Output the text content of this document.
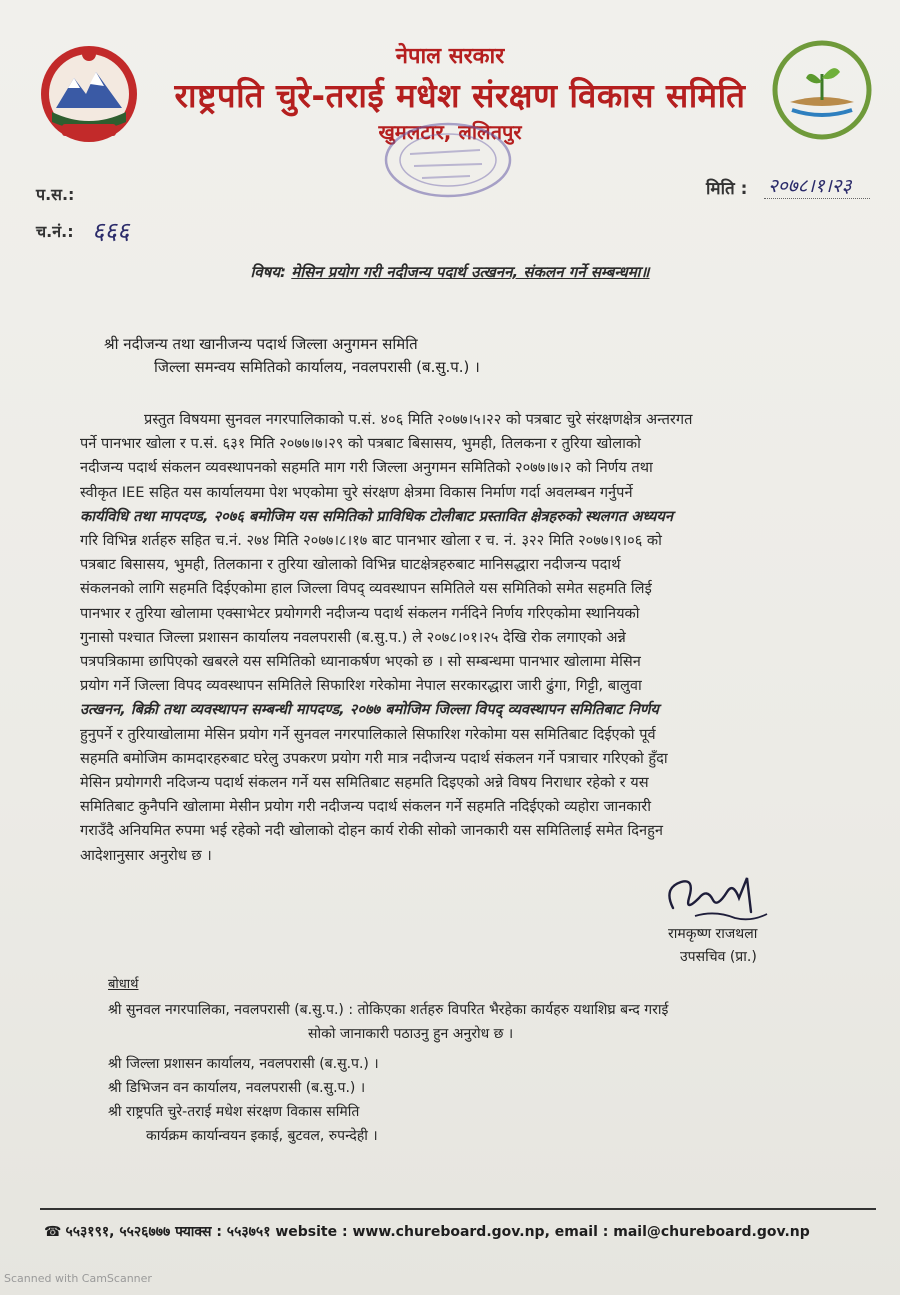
नेपाल सरकार
राष्ट्रपति चुरे-तराई मधेश संरक्षण विकास समिति
खुमलटार, ललितपुर
प.स.:
च.नं.: ६६६
मिति : २०७८।१।२३
विषय: मेसिन प्रयोग गरी नदीजन्य पदार्थ उत्खनन, संकलन गर्ने सम्बन्धमा॥
श्री नदीजन्य तथा खानीजन्य पदार्थ जिल्ला अनुगमन समिति
जिल्ला समन्वय समितिको कार्यालय, नवलपरासी (ब.सु.प.) ।
प्रस्तुत विषयमा सुनवल नगरपालिकाको प.सं. ४०६ मिति २०७७।५।२२ को पत्रबाट चुरे संरक्षणक्षेत्र अन्तरगत
पर्ने पानभार खोला र प.सं. ६३१ मिति २०७७।७।२९ को पत्रबाट बिसासय, भुमही, तिलकना र तुरिया खोलाको
नदीजन्य पदार्थ संकलन व्यवस्थापनको सहमति माग गरी जिल्ला अनुगमन समितिको २०७७।७।२ को निर्णय तथा
स्वीकृत IEE सहित यस कार्यालयमा पेश भएकोमा चुरे संरक्षण क्षेत्रमा विकास निर्माण गर्दा अवलम्बन गर्नुपर्ने
कार्यविधि तथा मापदण्ड, २०७६ बमोजिम यस समितिको प्राविधिक टोलीबाट प्रस्तावित क्षेत्रहरुको स्थलगत अध्ययन
गरि विभिन्न शर्तहरु सहित च.नं. २७४ मिति २०७७।८।१७ बाट पानभार खोला र च. नं. ३२२ मिति २०७७।९।०६ को
पत्रबाट बिसासय, भुमही, तिलकाना र तुरिया खोलाको विभिन्न घाटक्षेत्रहरुबाट मानिसद्धारा नदीजन्य पदार्थ
संकलनको लागि सहमति दिईएकोमा हाल जिल्ला विपद् व्यवस्थापन समितिले यस समितिको समेत सहमति लिई
पानभार र तुरिया खोलामा एक्साभेटर प्रयोगगरी नदीजन्य पदार्थ संकलन गर्नदिने निर्णय गरिएकोमा स्थानियको
गुनासो पश्चात जिल्ला प्रशासन कार्यालय नवलपरासी (ब.सु.प.) ले २०७८।०१।२५ देखि रोक लगाएको अन्ने
पत्रपत्रिकामा छापिएको खबरले यस समितिको ध्यानाकर्षण भएको छ । सो सम्बन्धमा पानभार खोलामा मेसिन
प्रयोग गर्ने जिल्ला विपद व्यवस्थापन समितिले सिफारिश गरेकोमा नेपाल सरकारद्धारा जारी ढुंगा, गिट्टी, बालुवा
उत्खनन, बिक्री तथा व्यवस्थापन सम्बन्धी मापदण्ड, २०७७ बमोजिम जिल्ला विपद् व्यवस्थापन समितिबाट निर्णय
हुनुपर्ने र तुरियाखोलामा मेसिन प्रयोग गर्ने सुनवल नगरपालिकाले सिफारिश गरेकोमा यस समितिबाट दिईएको पूर्व
सहमति बमोजिम कामदारहरुबाट घरेलु उपकरण प्रयोग गरी मात्र नदीजन्य पदार्थ संकलन गर्ने पत्राचार गरिएको हुँदा
मेसिन प्रयोगगरी नदिजन्य पदार्थ संकलन गर्ने यस समितिबाट सहमति दिइएको अन्ने विषय निराधार रहेको र यस
समितिबाट कुनैपनि खोलामा मेसीन प्रयोग गरी नदीजन्य पदार्थ संकलन गर्ने सहमति नदिईएको व्यहोरा जानकारी
गराउँदै अनियमित रुपमा भई रहेको नदी खोलाको दोहन कार्य रोकी सोको जानकारी यस समितिलाई समेत दिनहुन
आदेशानुसार अनुरोध छ ।
रामकृष्ण राजथला
उपसचिव (प्रा.)
बोधार्थ
श्री सुनवल नगरपालिका, नवलपरासी (ब.सु.प.) : तोकिएका शर्तहरु विपरित भैरहेका कार्यहरु यथाशिघ्र बन्द गराई
सोको जानाकारी पठाउनु हुन अनुरोध छ ।
श्री जिल्ला प्रशासन कार्यालय, नवलपरासी (ब.सु.प.) ।
श्री डिभिजन वन कार्यालय, नवलपरासी (ब.सु.प.) ।
श्री राष्ट्रपति चुरे-तराई मधेश संरक्षण विकास समिति
कार्यक्रम कार्यान्वयन इकाई, बुटवल, रुपन्देही ।
☎ ५५३१९१, ५५२६७७७ फ्याक्स : ५५३७५१ website : www.chureboard.gov.np, email : mail@chureboard.gov.np
Scanned with CamScanner
